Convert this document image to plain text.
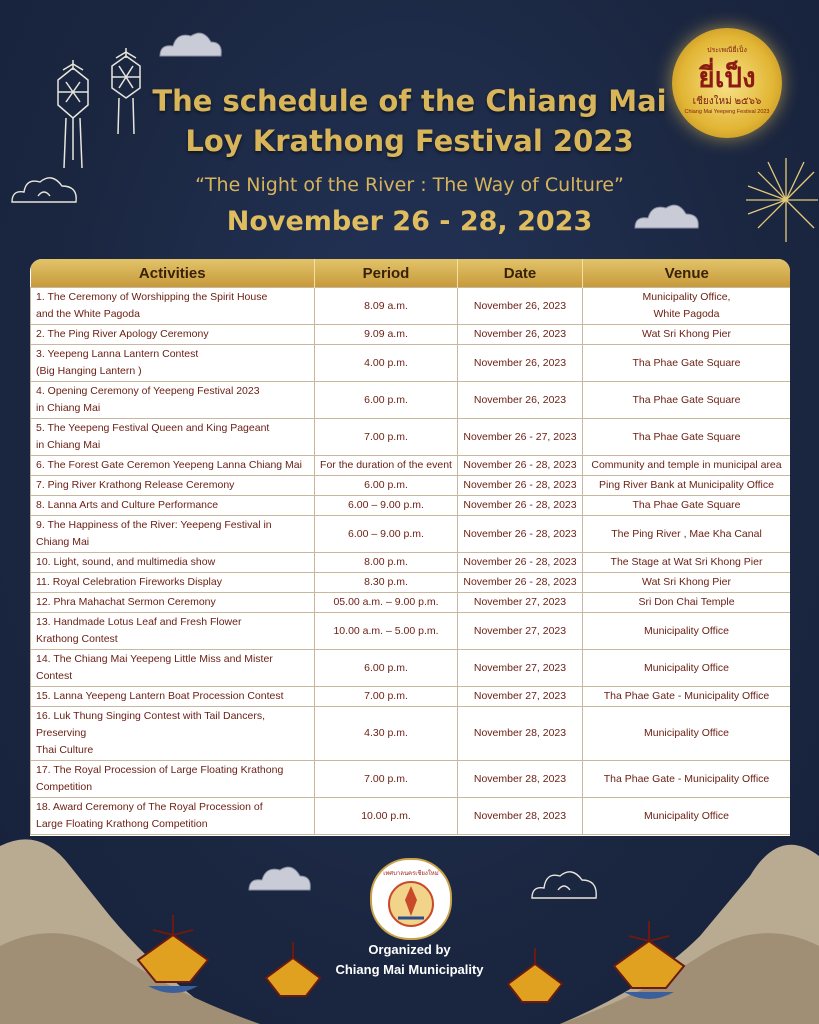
ประเพณียี่เป็ง
ยี่เป็ง
เชียงใหม่ ๒๕๖๖
Chiang Mai Yeepeng Festival 2023
The schedule of the Chiang Mai
Loy Krathong Festival 2023
“The Night of the River : The Way of Culture”
November 26 - 28, 2023
Activities	Period	Date	Venue
1. The Ceremony of Worshipping the Spirit House
and the White Pagoda	8.09 a.m.	November 26, 2023	Municipality Office,
White Pagoda
2. The Ping River Apology Ceremony	9.09 a.m.	November 26, 2023	Wat Sri Khong Pier
3. Yeepeng Lanna Lantern Contest
(Big Hanging Lantern )	4.00 p.m.	November 26, 2023	Tha Phae Gate Square
4. Opening Ceremony of Yeepeng Festival 2023
in Chiang Mai	6.00 p.m.	November 26, 2023	Tha Phae Gate Square
5. The Yeepeng Festival Queen and King Pageant
in Chiang Mai	7.00 p.m.	November 26 - 27, 2023	Tha Phae Gate Square
6. The Forest Gate Ceremon Yeepeng Lanna Chiang Mai	For the duration of the event	November 26 - 28, 2023	Community and temple in municipal area
7. Ping River Krathong Release Ceremony	6.00 p.m.	November 26 - 28, 2023	Ping River Bank at Municipality Office
8. Lanna Arts and Culture Performance	6.00 – 9.00 p.m.	November 26 - 28, 2023	Tha Phae Gate Square
9. The Happiness of the River: Yeepeng Festival in
Chiang Mai	6.00 – 9.00 p.m.	November 26 - 28, 2023	The Ping River , Mae Kha Canal
10. Light, sound, and multimedia show	8.00 p.m.	November 26 - 28, 2023	The Stage at Wat Sri Khong Pier
11. Royal Celebration Fireworks Display	8.30 p.m.	November 26 - 28, 2023	Wat Sri Khong Pier
12. Phra Mahachat Sermon Ceremony	05.00 a.m. – 9.00 p.m.	November 27, 2023	Sri Don Chai Temple
13. Handmade Lotus Leaf and Fresh Flower
Krathong Contest	10.00 a.m. – 5.00 p.m.	November 27, 2023	Municipality Office
14. The Chiang Mai Yeepeng Little Miss and Mister Contest	6.00 p.m.	November 27, 2023	Municipality Office
15. Lanna Yeepeng Lantern Boat Procession Contest	7.00 p.m.	November 27, 2023	Tha Phae Gate - Municipality Office
16. Luk Thung Singing Contest with Tail Dancers, Preserving
Thai Culture	4.30 p.m.	November 28, 2023	Municipality Office
17. The Royal Procession of Large Floating Krathong
Competition	7.00 p.m.	November 28, 2023	Tha Phae Gate - Municipality Office
18. Award Ceremony of The Royal Procession of
Large Floating Krathong Competition	10.00 p.m.	November 28, 2023	Municipality Office
เทศบาลนครเชียงใหม่
Organized by
Chiang Mai Municipality
